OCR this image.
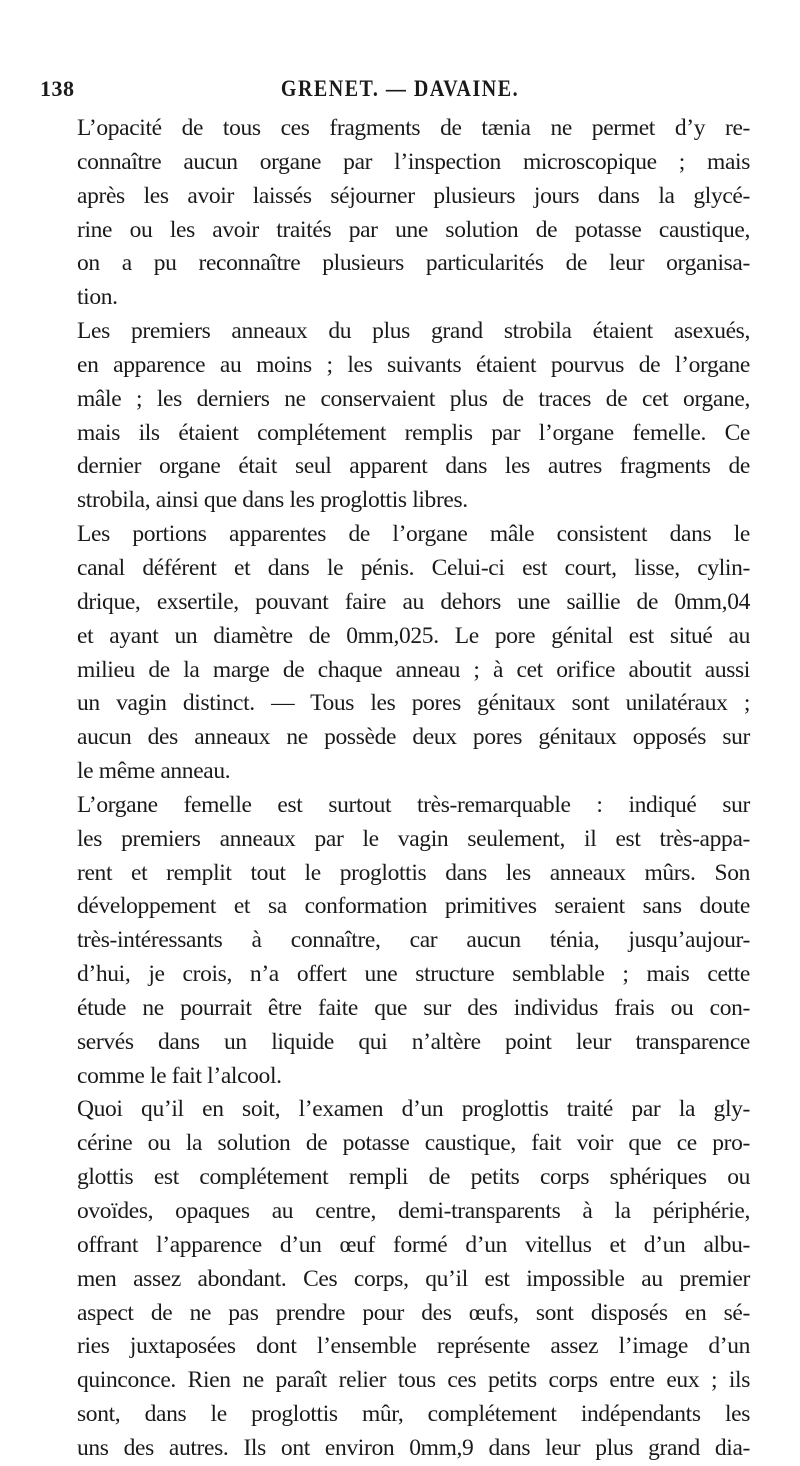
138	GRENET. — DAVAINE.

L’opacité de tous ces fragments de tænia ne permet d’y re-
connaître aucun organe par l’inspection microscopique ; mais
après les avoir laissés séjourner plusieurs jours dans la glycé-
rine ou les avoir traités par une solution de potasse caustique,
on a pu reconnaître plusieurs particularités de leur organisa-
tion.

Les premiers anneaux du plus grand strobila étaient asexués,
en apparence au moins ; les suivants étaient pourvus de l’organe
mâle ; les derniers ne conservaient plus de traces de cet organe,
mais ils étaient complétement remplis par l’organe femelle. Ce
dernier organe était seul apparent dans les autres fragments de
strobila, ainsi que dans les proglottis libres.

Les portions apparentes de l’organe mâle consistent dans le
canal déférent et dans le pénis. Celui-ci est court, lisse, cylin-
drique, exsertile, pouvant faire au dehors une saillie de 0mm,04
et ayant un diamètre de 0mm,025. Le pore génital est situé au
milieu de la marge de chaque anneau ; à cet orifice aboutit aussi
un vagin distinct. — Tous les pores génitaux sont unilatéraux ;
aucun des anneaux ne possède deux pores génitaux opposés sur
le même anneau.

L’organe femelle est surtout très-remarquable : indiqué sur
les premiers anneaux par le vagin seulement, il est très-appa-
rent et remplit tout le proglottis dans les anneaux mûrs. Son
développement et sa conformation primitives seraient sans doute
très-intéressants à connaître, car aucun ténia, jusqu’aujour-
d’hui, je crois, n’a offert une structure semblable ; mais cette
étude ne pourrait être faite que sur des individus frais ou con-
servés dans un liquide qui n’altère point leur transparence
comme le fait l’alcool.

Quoi qu’il en soit, l’examen d’un proglottis traité par la gly-
cérine ou la solution de potasse caustique, fait voir que ce pro-
glottis est complétement rempli de petits corps sphériques ou
ovoïdes, opaques au centre, demi-transparents à la périphérie,
offrant l’apparence d’un œuf formé d’un vitellus et d’un albu-
men assez abondant. Ces corps, qu’il est impossible au premier
aspect de ne pas prendre pour des œufs, sont disposés en sé-
ries juxtaposées dont l’ensemble représente assez l’image d’un
quinconce. Rien ne paraît relier tous ces petits corps entre eux ; ils
sont, dans le proglottis mûr, complétement indépendants les
uns des autres. Ils ont environ 0mm,9 dans leur plus grand dia-
